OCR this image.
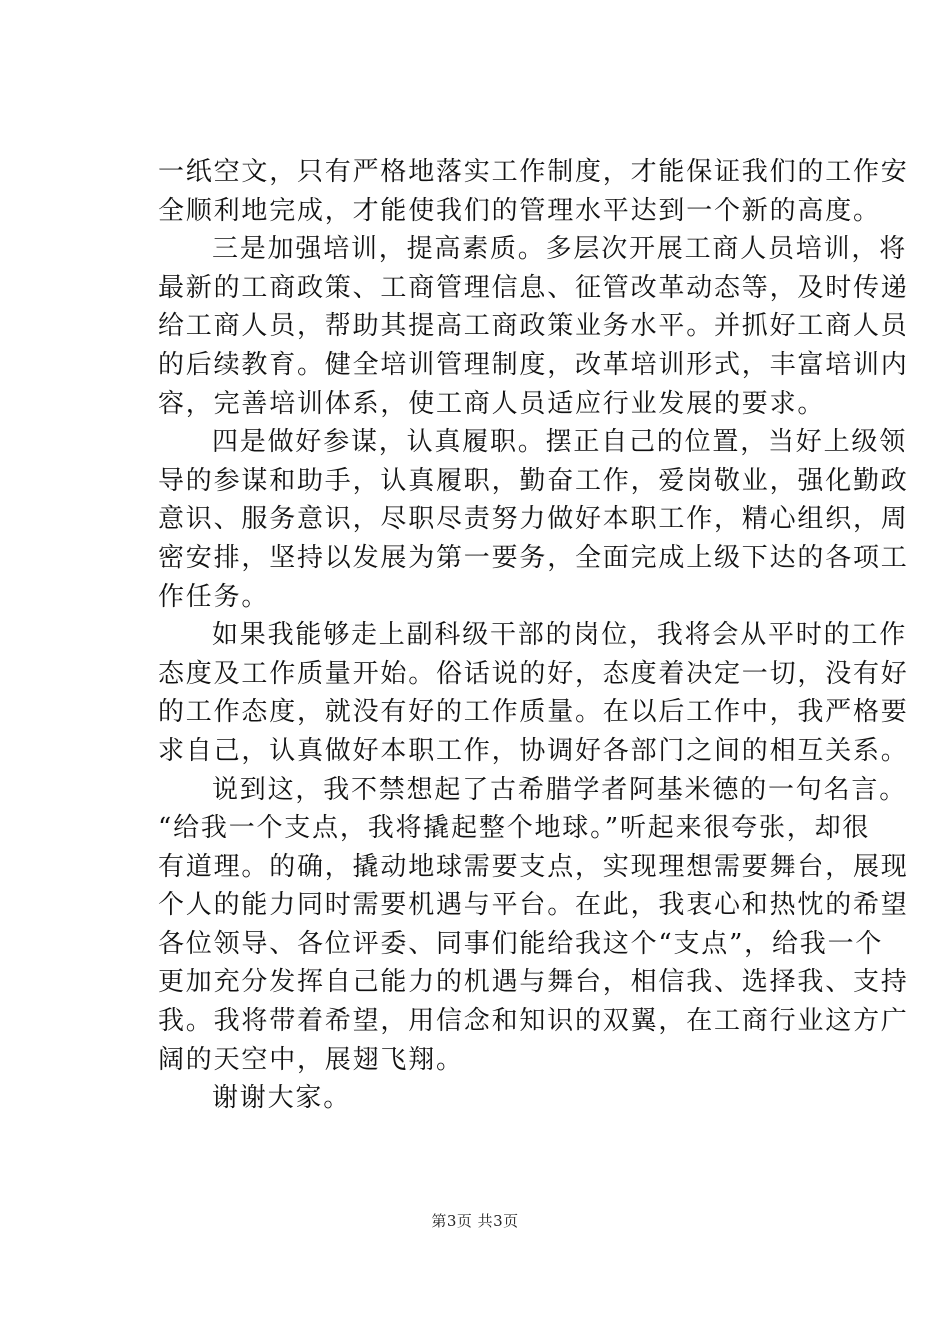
一纸空文，只有严格地落实工作制度，才能保证我们的工作安
全顺利地完成，才能使我们的管理水平达到一个新的高度。
三是加强培训，提高素质。多层次开展工商人员培训，将
最新的工商政策、工商管理信息、征管改革动态等，及时传递
给工商人员，帮助其提高工商政策业务水平。并抓好工商人员
的后续教育。健全培训管理制度，改革培训形式，丰富培训内
容，完善培训体系，使工商人员适应行业发展的要求。
四是做好参谋，认真履职。摆正自己的位置，当好上级领
导的参谋和助手，认真履职，勤奋工作，爱岗敬业，强化勤政
意识、服务意识，尽职尽责努力做好本职工作，精心组织，周
密安排，坚持以发展为第一要务，全面完成上级下达的各项工
作任务。
如果我能够走上副科级干部的岗位，我将会从平时的工作
态度及工作质量开始。俗话说的好，态度着决定一切，没有好
的工作态度，就没有好的工作质量。在以后工作中，我严格要
求自己，认真做好本职工作，协调好各部门之间的相互关系。
说到这，我不禁想起了古希腊学者阿基米德的一句名言。
“给我一个支点，我将撬起整个地球。”听起来很夸张，却很
有道理。的确，撬动地球需要支点，实现理想需要舞台，展现
个人的能力同时需要机遇与平台。在此，我衷心和热忱的希望
各位领导、各位评委、同事们能给我这个“支点”，给我一个
更加充分发挥自己能力的机遇与舞台，相信我、选择我、支持
我。我将带着希望，用信念和知识的双翼，在工商行业这方广
阔的天空中，展翅飞翔。
谢谢大家。
第3页 共3页
